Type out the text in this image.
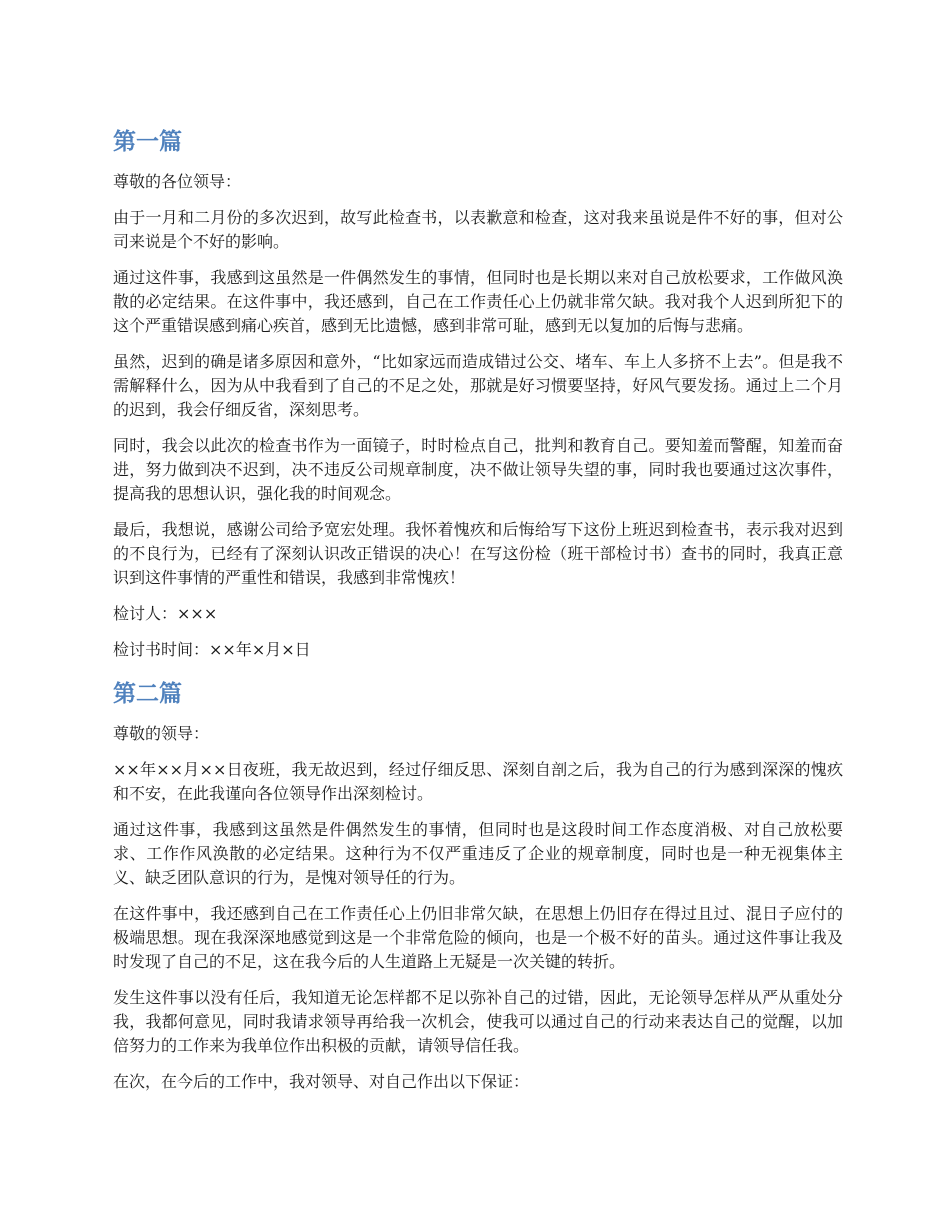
第一篇

尊敬的各位领导：

由于一月和二月份的多次迟到，故写此检查书，以表歉意和检查，这对我来虽说是件不好的事，但对公司来说是个不好的影响。

通过这件事，我感到这虽然是一件偶然发生的事情，但同时也是长期以来对自己放松要求，工作做风涣散的必定结果。在这件事中，我还感到，自己在工作责任心上仍就非常欠缺。我对我个人迟到所犯下的这个严重错误感到痛心疾首，感到无比遗憾，感到非常可耻，感到无以复加的后悔与悲痛。

虽然，迟到的确是诸多原因和意外，“比如家远而造成错过公交、堵车、车上人多挤不上去”。但是我不需解释什么，因为从中我看到了自己的不足之处，那就是好习惯要坚持，好风气要发扬。通过上二个月的迟到，我会仔细反省，深刻思考。

同时，我会以此次的检查书作为一面镜子，时时检点自己，批判和教育自己。要知羞而警醒，知羞而奋进，努力做到决不迟到，决不违反公司规章制度，决不做让领导失望的事，同时我也要通过这次事件，提高我的思想认识，强化我的时间观念。

最后，我想说，感谢公司给予宽宏处理。我怀着愧疚和后悔给写下这份上班迟到检查书，表示我对迟到的不良行为，已经有了深刻认识改正错误的决心！在写这份检（班干部检讨书）查书的同时，我真正意识到这件事情的严重性和错误，我感到非常愧疚！

检讨人：×××

检讨书时间：××年×月×日

第二篇

尊敬的领导：

××年××月××日夜班，我无故迟到，经过仔细反思、深刻自剖之后，我为自己的行为感到深深的愧疚和不安，在此我谨向各位领导作出深刻检讨。

通过这件事，我感到这虽然是件偶然发生的事情，但同时也是这段时间工作态度消极、对自己放松要求、工作作风涣散的必定结果。这种行为不仅严重违反了企业的规章制度，同时也是一种无视集体主义、缺乏团队意识的行为，是愧对领导任的行为。

在这件事中，我还感到自己在工作责任心上仍旧非常欠缺，在思想上仍旧存在得过且过、混日子应付的极端思想。现在我深深地感觉到这是一个非常危险的倾向，也是一个极不好的苗头。通过这件事让我及时发现了自己的不足，这在我今后的人生道路上无疑是一次关键的转折。

发生这件事以没有任后，我知道无论怎样都不足以弥补自己的过错，因此，无论领导怎样从严从重处分我，我都何意见，同时我请求领导再给我一次机会，使我可以通过自己的行动来表达自己的觉醒，以加倍努力的工作来为我单位作出积极的贡献，请领导信任我。

在次，在今后的工作中，我对领导、对自己作出以下保证：
